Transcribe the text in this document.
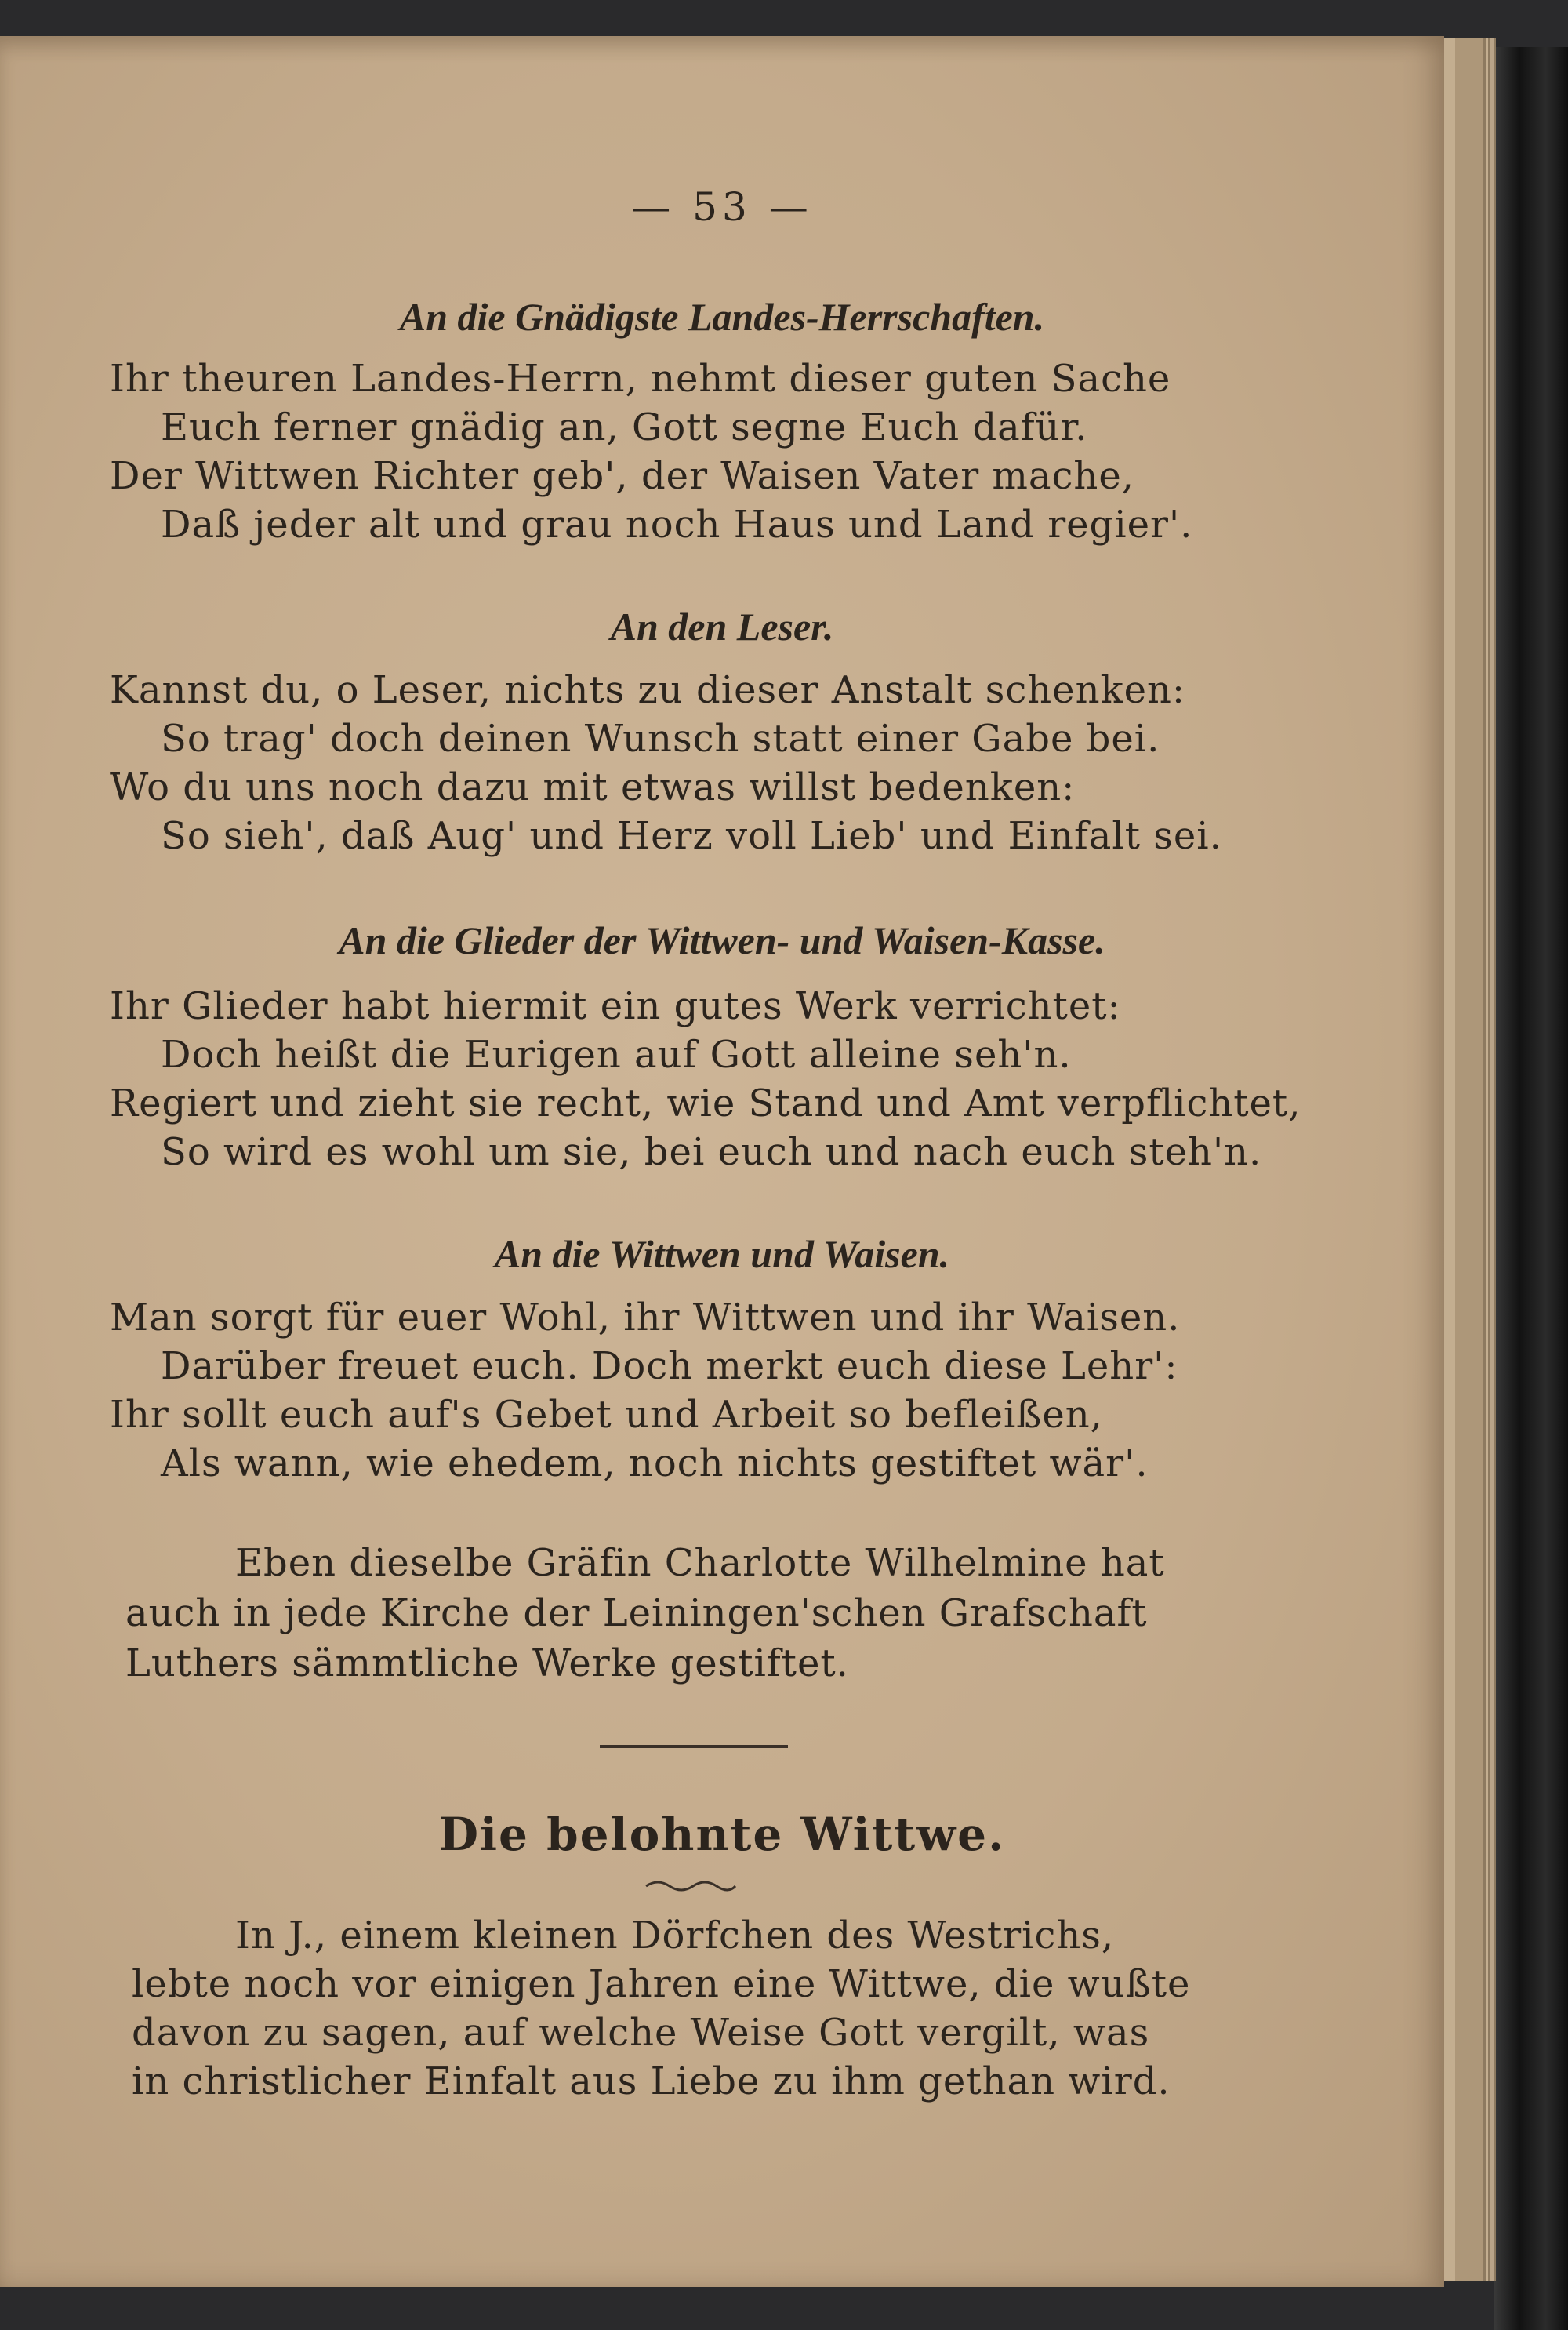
— 53 —
An die Gnädigste Landes-Herrschaften.
Ihr theuren Landes-Herrn, nehmt dieser guten Sache
Euch ferner gnädig an, Gott segne Euch dafür.
Der Wittwen Richter geb', der Waisen Vater mache,
Daß jeder alt und grau noch Haus und Land regier'.
An den Leser.
Kannst du, o Leser, nichts zu dieser Anstalt schenken:
So trag' doch deinen Wunsch statt einer Gabe bei.
Wo du uns noch dazu mit etwas willst bedenken:
So sieh', daß Aug' und Herz voll Lieb' und Einfalt sei.
An die Glieder der Wittwen- und Waisen-Kasse.
Ihr Glieder habt hiermit ein gutes Werk verrichtet:
Doch heißt die Eurigen auf Gott alleine seh'n.
Regiert und zieht sie recht, wie Stand und Amt verpflichtet,
So wird es wohl um sie, bei euch und nach euch steh'n.
An die Wittwen und Waisen.
Man sorgt für euer Wohl, ihr Wittwen und ihr Waisen.
Darüber freuet euch. Doch merkt euch diese Lehr':
Ihr sollt euch auf's Gebet und Arbeit so befleißen,
Als wann, wie ehedem, noch nichts gestiftet wär'.
Eben dieselbe Gräfin Charlotte Wilhelmine hat
auch in jede Kirche der Leiningen'schen Grafschaft
Luthers sämmtliche Werke gestiftet.
Die belohnte Wittwe.
In J., einem kleinen Dörfchen des Westrichs,
lebte noch vor einigen Jahren eine Wittwe, die wußte
davon zu sagen, auf welche Weise Gott vergilt, was
in christlicher Einfalt aus Liebe zu ihm gethan wird.
